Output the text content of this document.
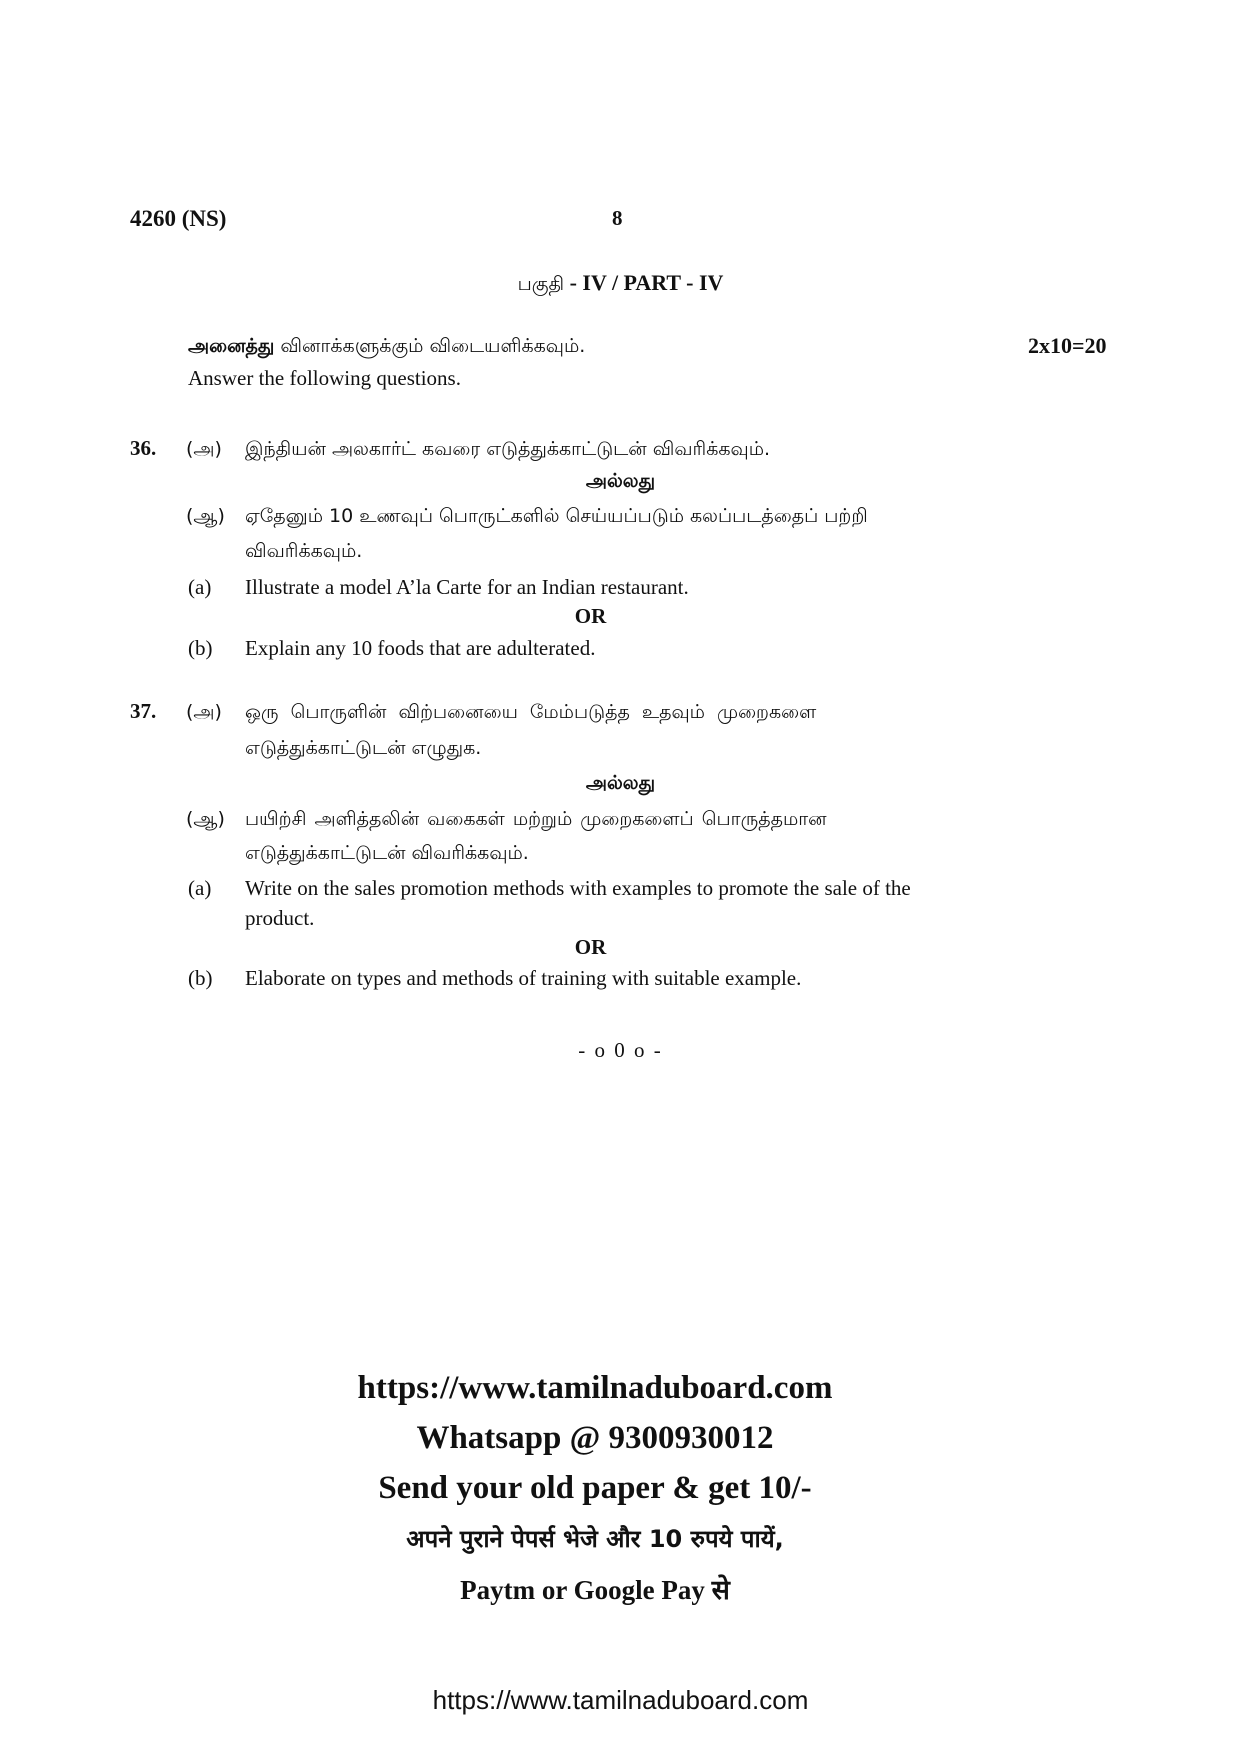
4260 (NS)	8
பகுதி - IV / PART - IV
அனைத்து வினாக்களுக்கும் விடையளிக்கவும்.	2x10=20
Answer the following questions.
36. (அ) இந்தியன் அலகார்ட் கவரை எடுத்துக்காட்டுடன் விவரிக்கவும்.
அல்லது
(ஆ) ஏதேனும் 10 உணவுப் பொருட்களில் செய்யப்படும் கலப்படத்தைப் பற்றி
விவரிக்கவும்.
(a) Illustrate a model A’la Carte for an Indian restaurant.
OR
(b) Explain any 10 foods that are adulterated.
37. (அ) ஒரு பொருளின் விற்பனையை மேம்படுத்த உதவும் முறைகளை
எடுத்துக்காட்டுடன் எழுதுக.
அல்லது
(ஆ) பயிற்சி அளித்தலின் வகைகள் மற்றும் முறைகளைப் பொருத்தமான
எடுத்துக்காட்டுடன் விவரிக்கவும்.
(a) Write on the sales promotion methods with examples to promote the sale of the
product.
OR
(b) Elaborate on types and methods of training with suitable example.
- o 0 o -
https://www.tamilnaduboard.com
Whatsapp @ 9300930012
Send your old paper & get 10/-
अपने पुराने पेपर्स भेजे और 10 रुपये पायें,
Paytm or Google Pay से
https://www.tamilnaduboard.com
